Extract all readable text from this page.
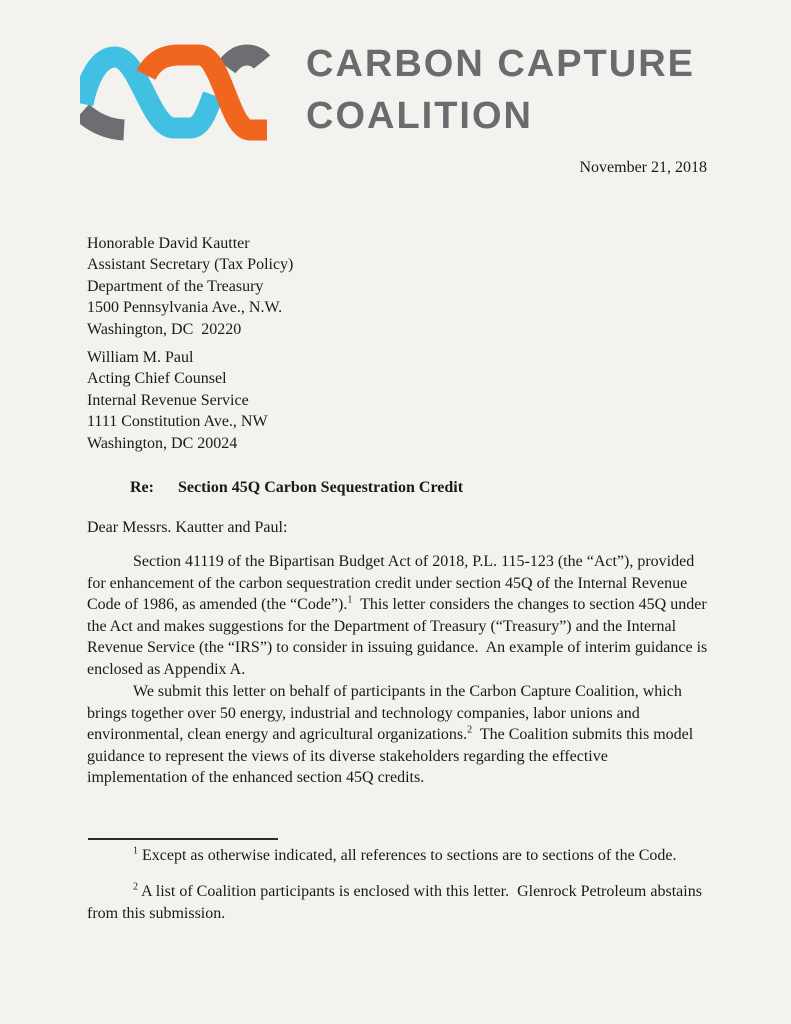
CARBON CAPTURE
COALITION
November 21, 2018
Honorable David Kautter
Assistant Secretary (Tax Policy)
Department of the Treasury
1500 Pennsylvania Ave., N.W.
Washington, DC  20220
William M. Paul
Acting Chief Counsel
Internal Revenue Service
1111 Constitution Ave., NW
Washington, DC 20024
Re: Section 45Q Carbon Sequestration Credit
Dear Messrs. Kautter and Paul:
Section 41119 of the Bipartisan Budget Act of 2018, P.L. 115-123 (the “Act”), provided
for enhancement of the carbon sequestration credit under section 45Q of the Internal Revenue
Code of 1986, as amended (the “Code”).$^1$  This letter considers the changes to section 45Q under
the Act and makes suggestions for the Department of Treasury (“Treasury”) and the Internal
Revenue Service (the “IRS”) to consider in issuing guidance.  An example of interim guidance is
enclosed as Appendix A.
We submit this letter on behalf of participants in the Carbon Capture Coalition, which
brings together over 50 energy, industrial and technology companies, labor unions and
environmental, clean energy and agricultural organizations.$^2$  The Coalition submits this model
guidance to represent the views of its diverse stakeholders regarding the effective
implementation of the enhanced section 45Q credits.
$^1$ Except as otherwise indicated, all references to sections are to sections of the Code.
$^2$ A list of Coalition participants is enclosed with this letter.  Glenrock Petroleum abstains
from this submission.
